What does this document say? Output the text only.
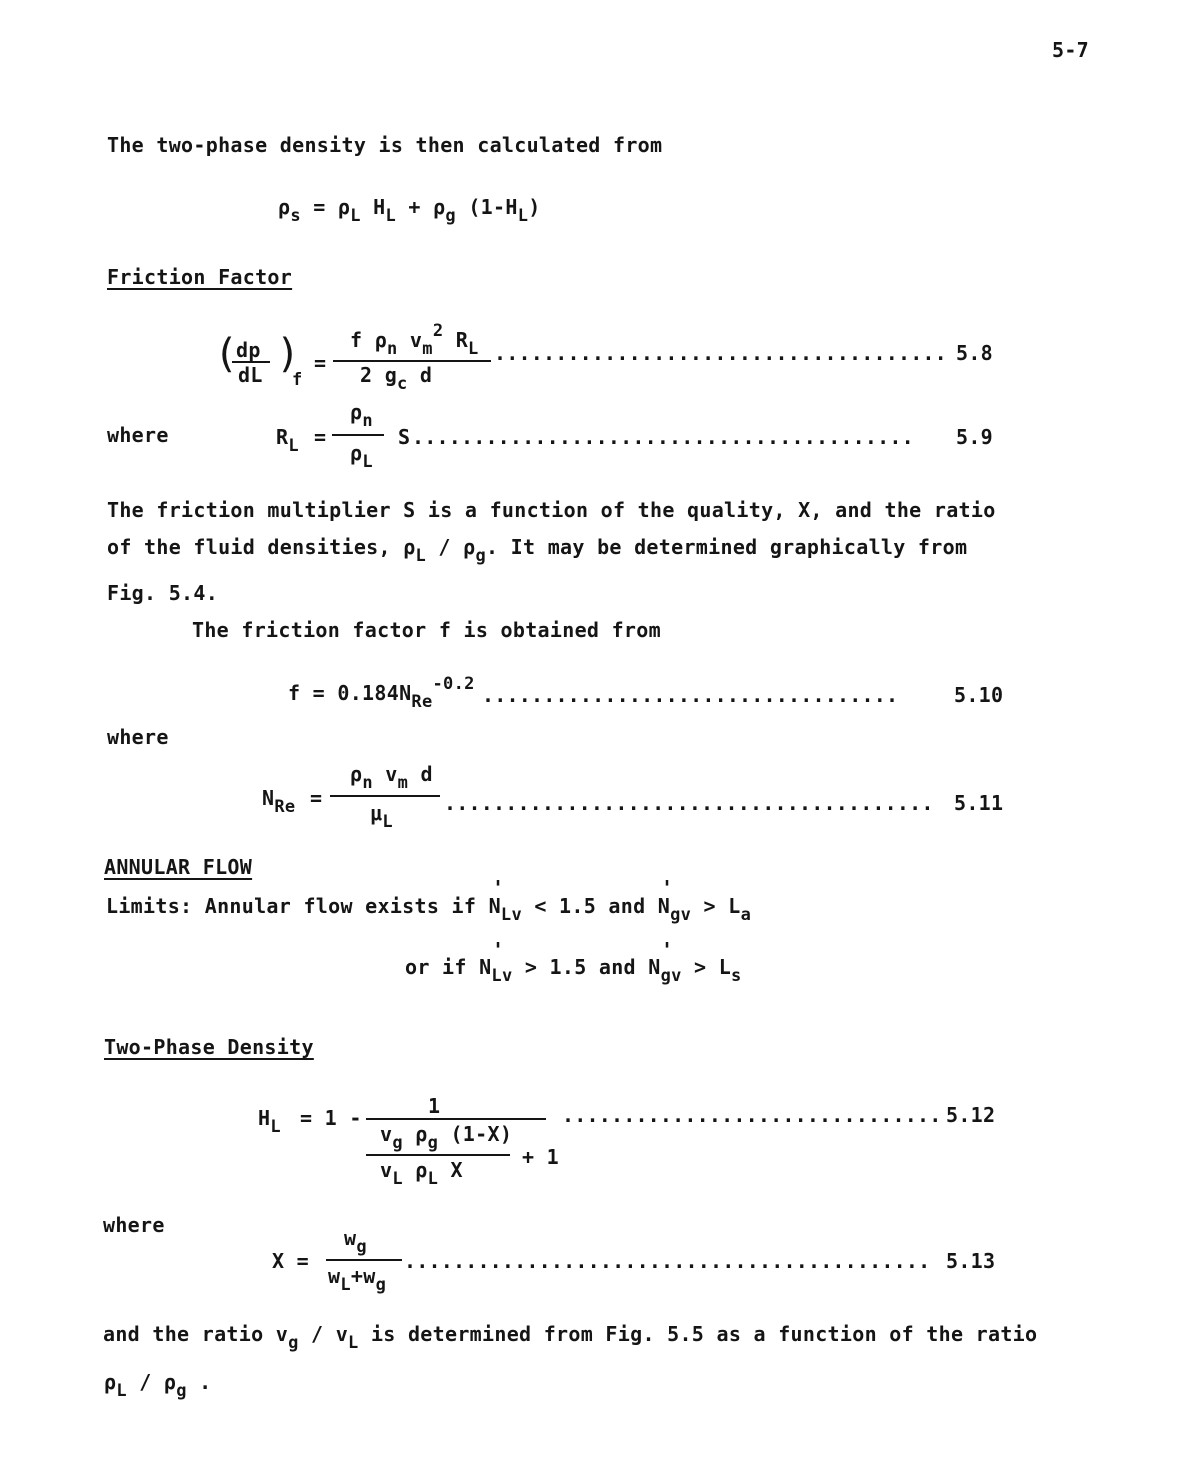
5-7
The two-phase density is then calculated from
$\rho_s = \rho_L$ $H_L + \rho_g$ $(1-H_L)$
Friction Factor
(
dp
dL )
f
=
f $\rho_n$ $v_m^2$ $R_L$
2 $g_c$ d
..................................... 5.8
where	$R_L$ =
$\rho_n$
$\rho_L$
S ......................................... 5.9
The friction multiplier S is a function of the quality, X, and the ratio
of the fluid densities, $\rho_L / \rho_g$. It may be determined graphically from
Fig. 5.4.
The friction factor f is obtained from
$f = 0.184N_{Re}^{-0.2}$ ..................................	5.10
where
$N_{Re}$ =
$\rho_n$ $v_m$ d
$\mu_L$
........................................ 5.11
ANNULAR FLOW
Limits: Annular flow exists if $N_{Lv} < 1.5$ and $N_{gv} > L_a$
'	'
or if $N_{Lv} > 1.5$ and $N_{gv} > L_s$
'	'
Two-Phase Density
$H_L = 1$ -	1
$v_g$ $\rho_g$ (1-X)
$v_L$ $\rho_L$ X
+ 1
............................... 5.12
where
X =
$w_g$
$w_L+w_g$
........................................... 5.13
and the ratio $v_g / v_L$ is determined from Fig. 5.5 as a function of the ratio
$\rho_L / \rho_g$ .
